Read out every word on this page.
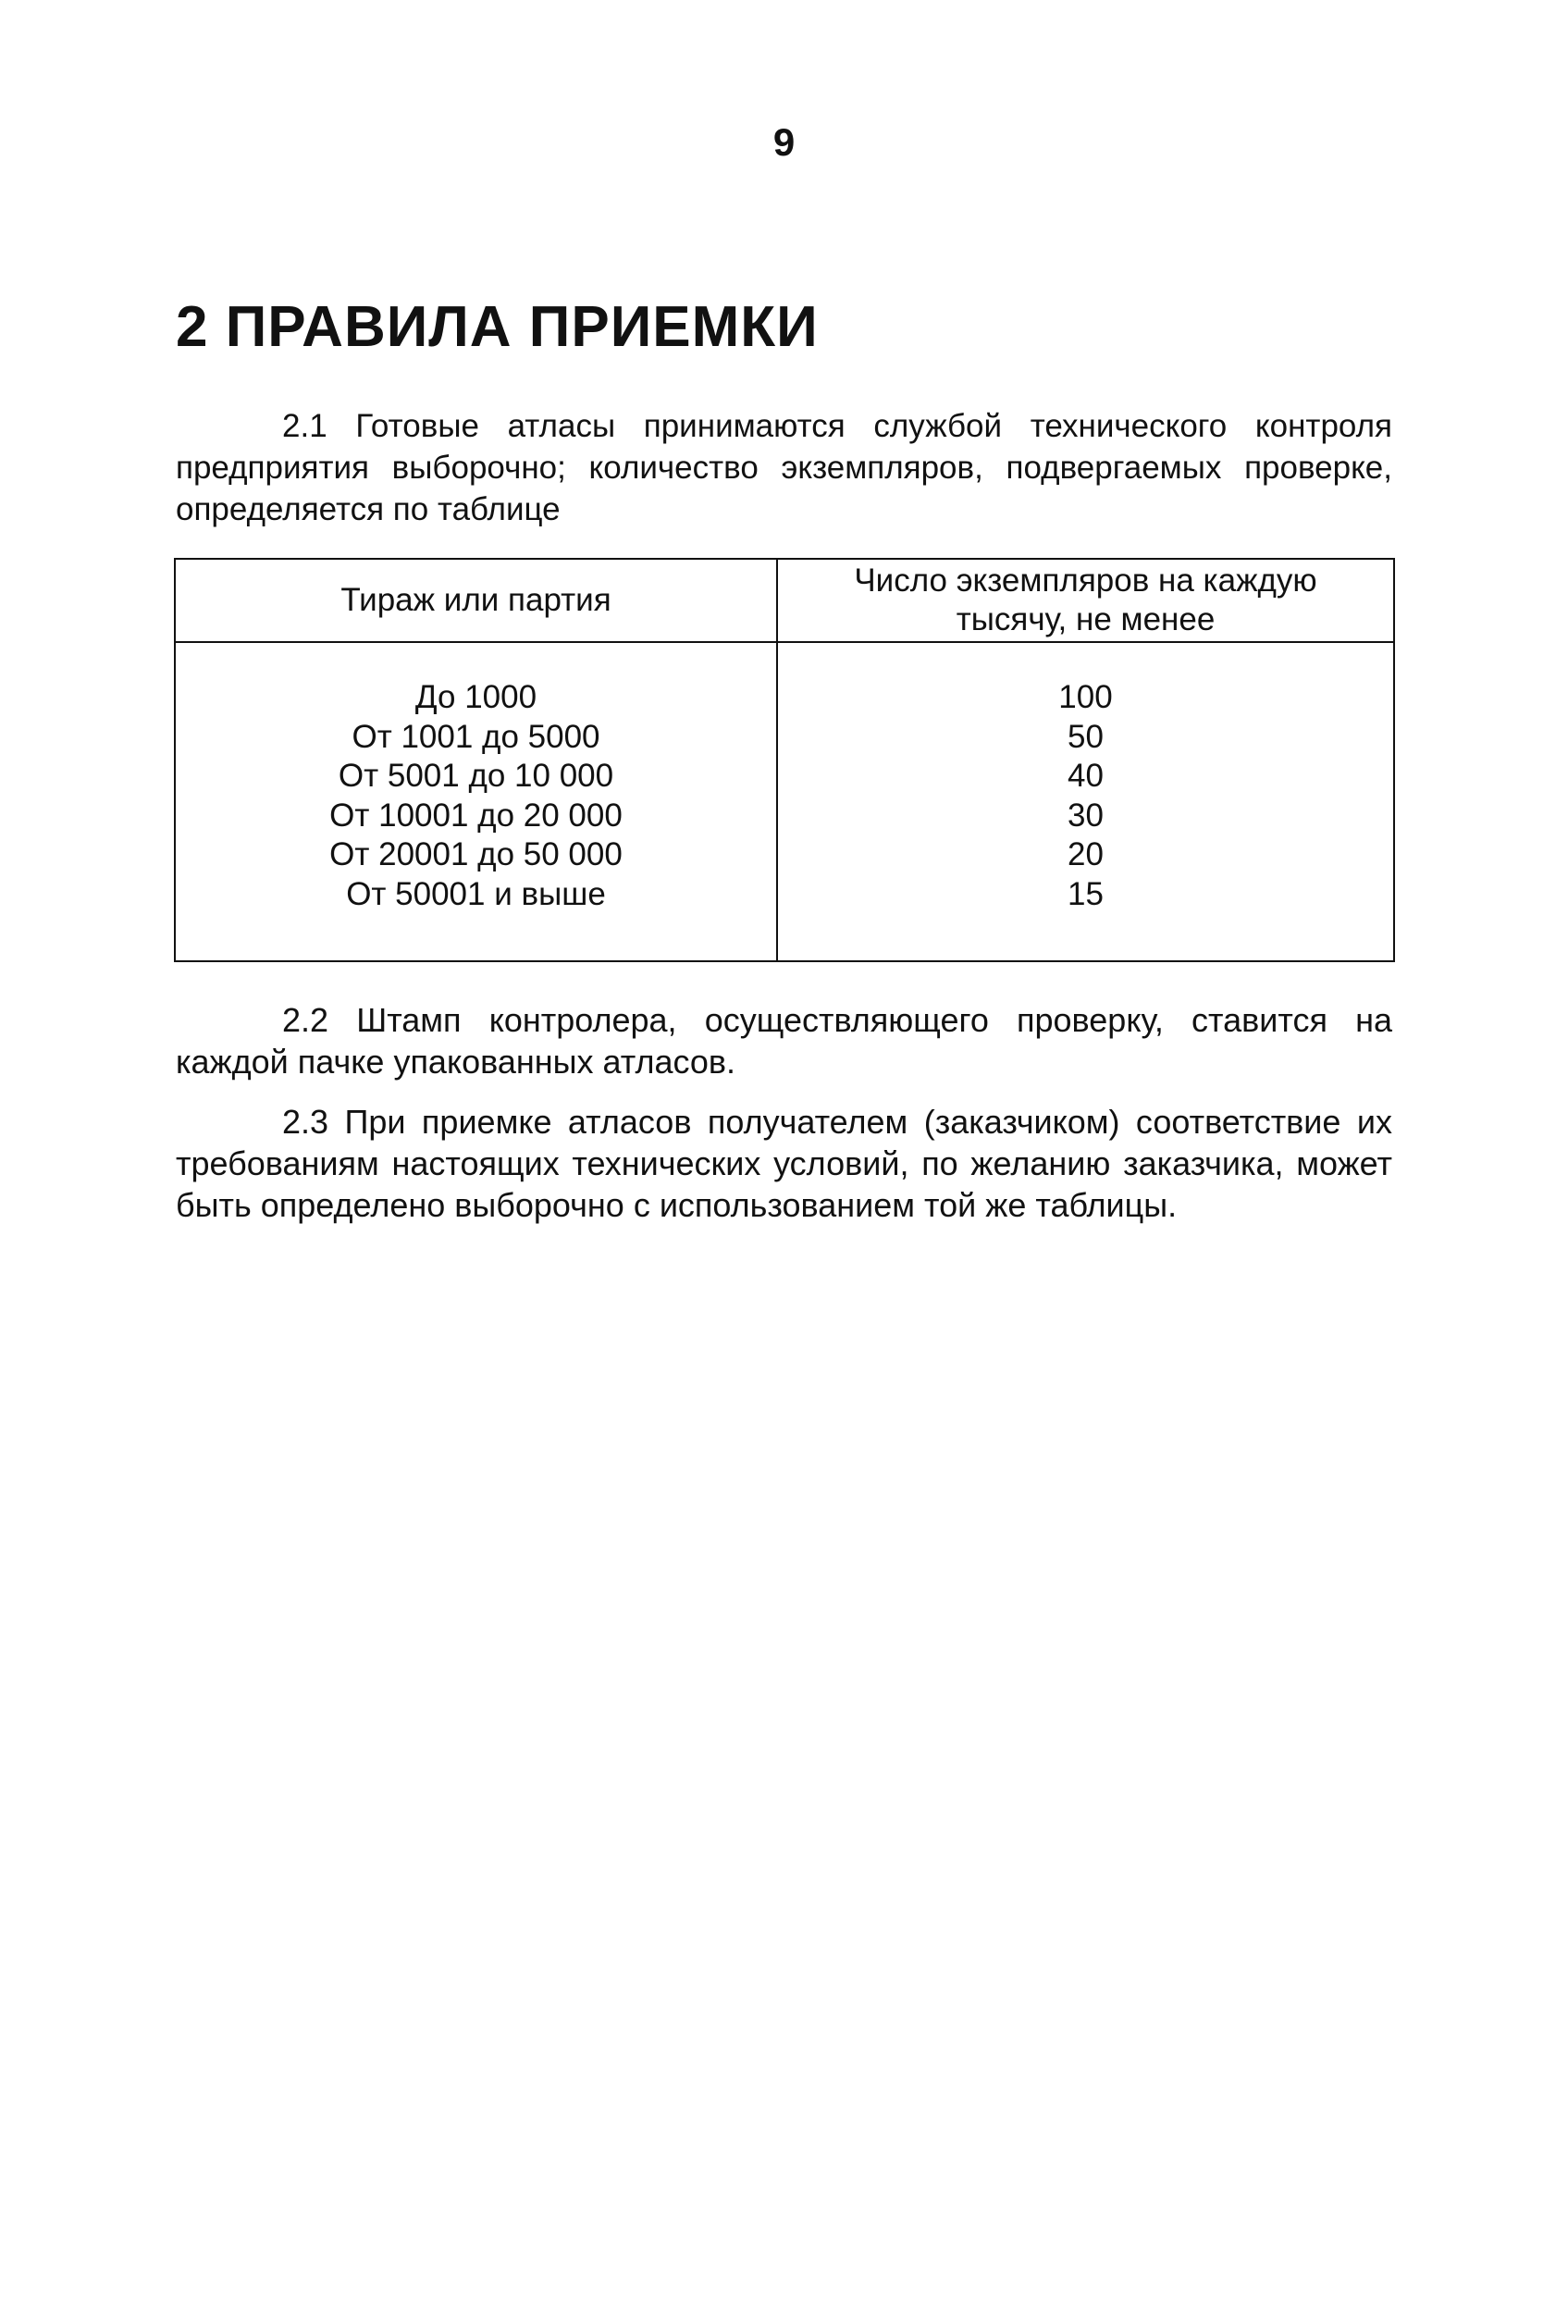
9
2 ПРАВИЛА ПРИЕМКИ

2.1 Готовые атласы принимаются службой технического контроля предприятия выборочно; количество экземпляров, подвергаемых проверке, определяется по таблице

Тираж или партия
Число экземпляров на каждую тысячу, не менее
До 1000
От 1001 до 5000
От 5001 до 10 000
От 10001 до 20 000
От 20001 до 50 000
От 50001 и выше
100
50
40
30
20
15

2.2 Штамп контролера, осуществляющего проверку, ставится на каждой пачке упакованных атласов.

2.3 При приемке атласов получателем (заказчиком) соответствие их требованиям настоящих технических условий, по желанию заказчика, может быть определено выборочно с использованием той же таблицы.
